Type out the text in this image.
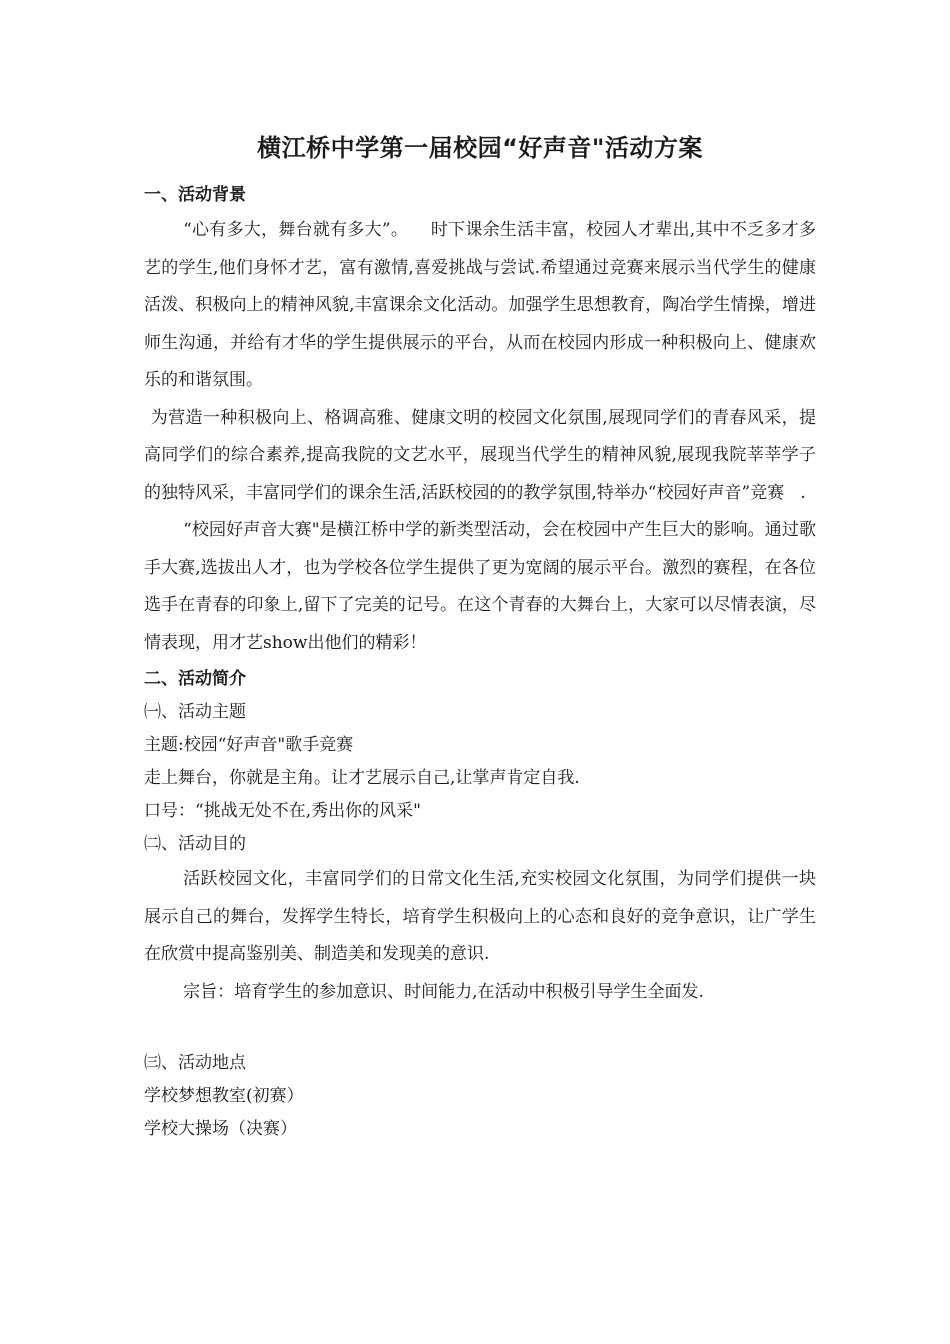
横江桥中学第一届校园“好声音"活动方案
一、活动背景

“心有多大，舞台就有多大”。    时下课余生活丰富，校园人才辈出,其中不乏多才多艺的学生,他们身怀才艺，富有激情,喜爱挑战与尝试.希望通过竞赛来展示当代学生的健康活泼、积极向上的精神风貌,丰富课余文化活动。加强学生思想教育，陶冶学生情操，增进师生沟通，并给有才华的学生提供展示的平台，从而在校园内形成一种积极向上、健康欢乐的和谐氛围。

为营造一种积极向上、格调高雅、健康文明的校园文化氛围,展现同学们的青春风采，提高同学们的综合素养,提高我院的文艺水平，展现当代学生的精神风貌,展现我院莘莘学子的独特风采，丰富同学们的课余生活,活跃校园的的教学氛围,特举办“校园好声音”竞赛   .

“校园好声音大赛"是横江桥中学的新类型活动，会在校园中产生巨大的影响。通过歌手大赛,选拔出人才，也为学校各位学生提供了更为宽阔的展示平台。激烈的赛程，在各位选手在青春的印象上,留下了完美的记号。在这个青春的大舞台上，大家可以尽情表演，尽情表现，用才艺show出他们的精彩！

二、活动简介

㈠、活动主题

主题:校园“好声音"歌手竞赛

走上舞台，你就是主角。让才艺展示自己,让掌声肯定自我.

口号：“挑战无处不在,秀出你的风采"

㈡、活动目的

活跃校园文化，丰富同学们的日常文化生活,充实校园文化氛围，为同学们提供一块展示自己的舞台，发挥学生特长，培育学生积极向上的心态和良好的竞争意识，让广学生在欣赏中提高鉴别美、制造美和发现美的意识.

宗旨：培育学生的参加意识、时间能力,在活动中积极引导学生全面发.

㈢、活动地点

学校梦想教室(初赛）

学校大操场（决赛）
